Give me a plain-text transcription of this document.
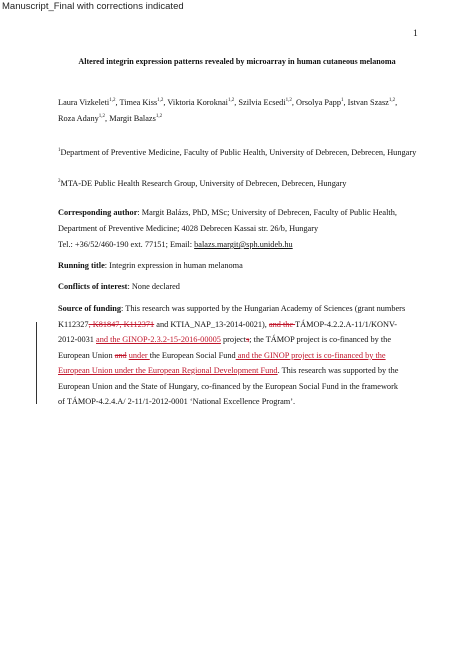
Manuscript_Final with corrections indicated
1
Altered integrin expression patterns revealed by microarray in human cutaneous melanoma
Laura Vizkeleti$^{1,2}$, Timea Kiss$^{1,2}$, Viktoria Koroknai$^{1,2}$, Szilvia Ecsedi$^{1,2}$, Orsolya Papp$^1$, Istvan Szasz$^{1,2}$,
Roza Adany$^{1,2}$, Margit Balazs$^{1,2}$
$^1$Department of Preventive Medicine, Faculty of Public Health, University of Debrecen, Debrecen, Hungary
$^2$MTA-DE Public Health Research Group, University of Debrecen, Debrecen, Hungary
Corresponding author: Margit Balázs, PhD, MSc; University of Debrecen, Faculty of Public Health, Department of Preventive Medicine; 4028 Debrecen Kassai str. 26/b, Hungary
Tel.: +36/52/460-190 ext. 77151; Email: balazs.margit@sph.unideb.hu
Running title: Integrin expression in human melanoma
Conflicts of interest: None declared
Source of funding: This research was supported by the Hungarian Academy of Sciences (grant numbers
K112327, K81847, K112371 and KTIA_NAP_13-2014-0021), and the TÁMOP-4.2.2.A-11/1/KONV-
2012-0031 and the GINOP-2.3.2-15-2016-00005 projects; the TÁMOP project is co-financed by the
European Union and under the European Social Fund and the GINOP project is co-financed by the
European Union under the European Regional Development Fund. This research was supported by the
European Union and the State of Hungary, co-financed by the European Social Fund in the framework
of TÁMOP-4.2.4.A/ 2-11/1-2012-0001 ‘National Excellence Program’.
